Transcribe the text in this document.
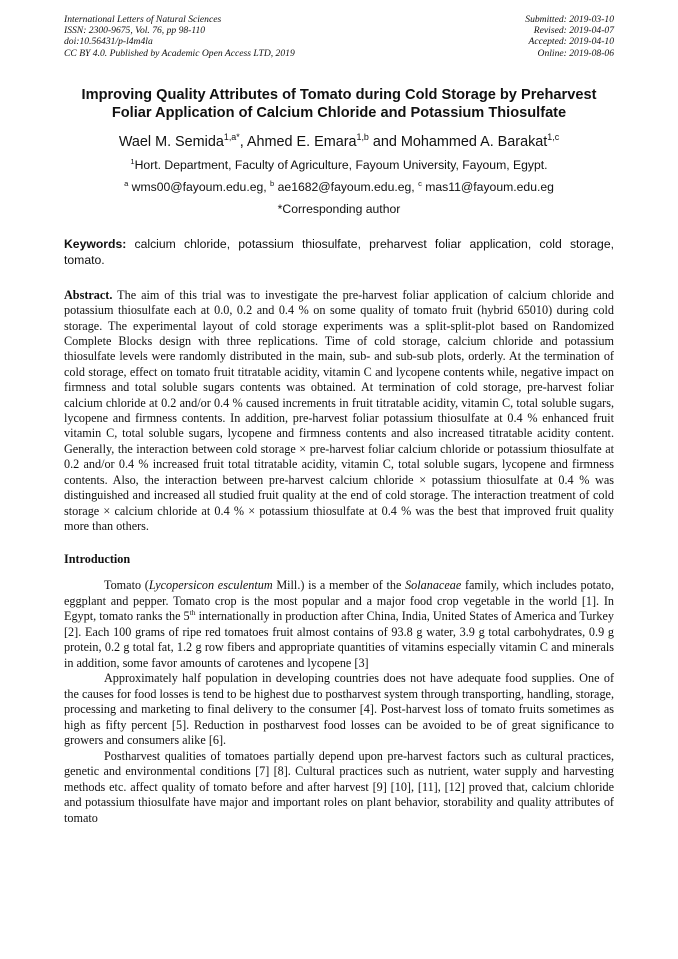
International Letters of Natural Sciences
ISSN: 2300-9675, Vol. 76, pp 98-110
doi:10.56431/p-l4m4la
CC BY 4.0. Published by Academic Open Access LTD, 2019
Submitted: 2019-03-10
Revised: 2019-04-07
Accepted: 2019-04-10
Online: 2019-08-06
Improving Quality Attributes of Tomato during Cold Storage by Preharvest Foliar Application of Calcium Chloride and Potassium Thiosulfate
Wael M. Semida$^{1,a*}$, Ahmed E. Emara$^{1,b}$ and Mohammed A. Barakat$^{1,c}$
$^1$Hort. Department, Faculty of Agriculture, Fayoum University, Fayoum, Egypt.
$^a$ wms00@fayoum.edu.eg, $^b$ ae1682@fayoum.edu.eg, $^c$ mas11@fayoum.edu.eg
*Corresponding author
Keywords: calcium chloride, potassium thiosulfate, preharvest foliar application, cold storage, tomato.
Abstract. The aim of this trial was to investigate the pre-harvest foliar application of calcium chloride and potassium thiosulfate each at 0.0, 0.2 and 0.4 % on some quality of tomato fruit (hybrid 65010) during cold storage. The experimental layout of cold storage experiments was a split-split-plot based on Randomized Complete Blocks design with three replications. Time of cold storage, calcium chloride and potassium thiosulfate levels were randomly distributed in the main, sub- and sub-sub plots, orderly. At the termination of cold storage, effect on tomato fruit titratable acidity, vitamin C and lycopene contents while, negative impact on firmness and total soluble sugars contents was obtained. At termination of cold storage, pre-harvest foliar calcium chloride at 0.2 and/or 0.4 % caused increments in fruit titratable acidity, vitamin C, total soluble sugars, lycopene and firmness contents. In addition, pre-harvest foliar potassium thiosulfate at 0.4 % enhanced fruit vitamin C, total soluble sugars, lycopene and firmness contents and also increased titratable acidity content. Generally, the interaction between cold storage × pre-harvest foliar calcium chloride or potassium thiosulfate at 0.2 and/or 0.4 % increased fruit total titratable acidity, vitamin C, total soluble sugars, lycopene and firmness contents. Also, the interaction between pre-harvest calcium chloride × potassium thiosulfate at 0.4 % was distinguished and increased all studied fruit quality at the end of cold storage. The interaction treatment of cold storage × calcium chloride at 0.4 % × potassium thiosulfate at 0.4 % was the best that improved fruit quality more than others.
Introduction

Tomato (Lycopersicon esculentum Mill.) is a member of the Solanaceae family, which includes potato, eggplant and pepper. Tomato crop is the most popular and a major food crop vegetable in the world [1]. In Egypt, tomato ranks the 5th internationally in production after China, India, United States of America and Turkey [2]. Each 100 grams of ripe red tomatoes fruit almost contains of 93.8 g water, 3.9 g total carbohydrates, 0.9 g protein, 0.2 g total fat, 1.2 g row fibers and appropriate quantities of vitamins especially vitamin C and minerals in addition, some favor amounts of carotenes and lycopene [3]

Approximately half population in developing countries does not have adequate food supplies. One of the causes for food losses is tend to be highest due to postharvest system through transporting, handling, storage, processing and marketing to final delivery to the consumer [4]. Post-harvest loss of tomato fruits sometimes as high as fifty percent [5]. Reduction in postharvest food losses can be avoided to be of great significance to growers and consumers alike [6].

Postharvest qualities of tomatoes partially depend upon pre-harvest factors such as cultural practices, genetic and environmental conditions [7] [8]. Cultural practices such as nutrient, water supply and harvesting methods etc. affect quality of tomato before and after harvest [9] [10], [11], [12] proved that, calcium chloride and potassium thiosulfate have major and important roles on plant behavior, storability and quality attributes of tomato
